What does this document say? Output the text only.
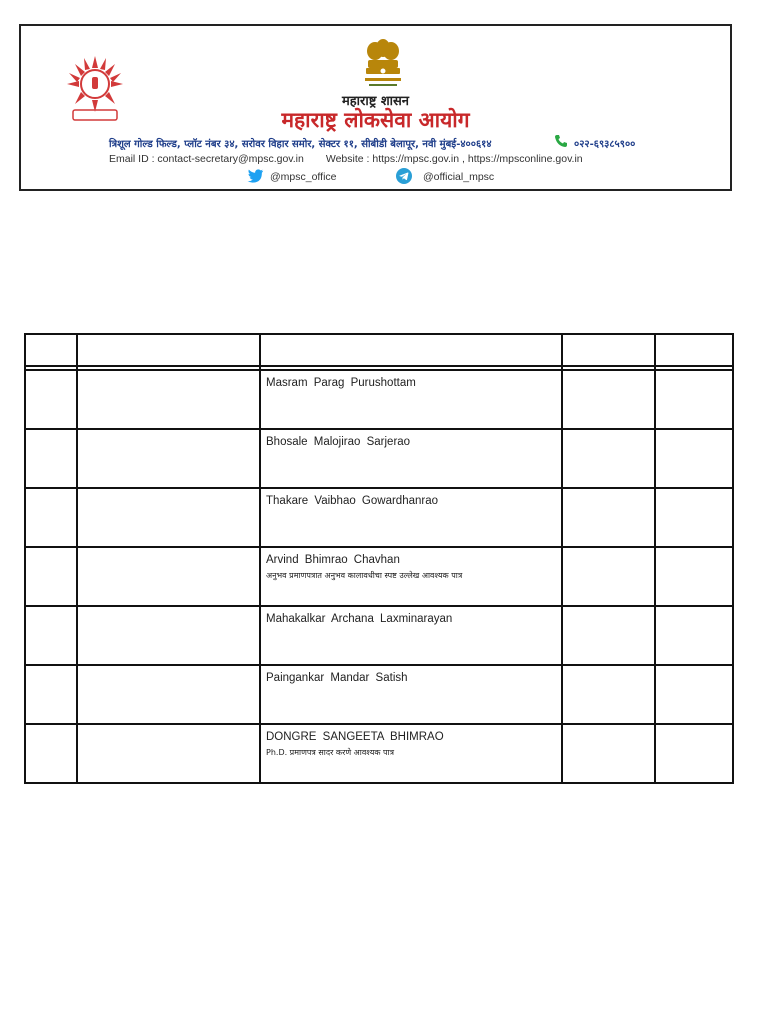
महाराष्ट्र शासन
महाराष्ट्र लोकसेवा आयोग
त्रिशूल गोल्ड फिल्ड, प्लॉट नंबर ३४, सरोवर विहार समोर, सेक्टर ११, सीबीडी बेलापूर, नवी मुंबई-४००६१४	०२२-६९३८५९००
Email ID : contact-secretary@mpsc.gov.in Website : https://mpsc.gov.in , https://mpsconline.gov.in
@mpsc_office	@official_mpsc

		Masram Parag Purushottam		

		Bhosale Malojirao Sarjerao		

		Thakare Vaibhao Gowardhanrao		

		Arvind Bhimrao Chavhan
अनुभव प्रमाणपत्रात अनुभव कालावधीचा स्पष्ट उल्लेख आवश्यक पात्र		

		Mahakalkar Archana Laxminarayan		

		Paingankar Mandar Satish		

		DONGRE SANGEETA BHIMRAO
Ph.D. प्रमाणपत्र सादर करणे आवश्यक पात्र		
